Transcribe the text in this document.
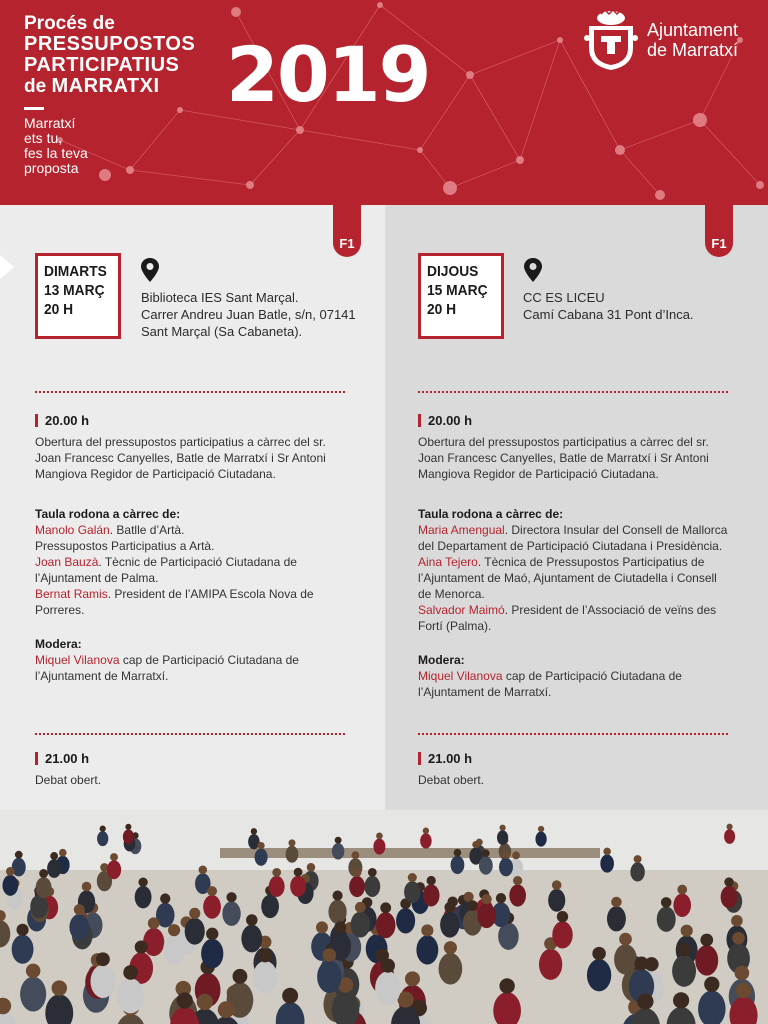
Procés de
PRESSUPOSTOS
PARTICIPATIUS
de MARRATXI
Marratxí
ets tu,
fes la teva
proposta
2019	Ajuntament
de Marratxí
F1
DIMARTS
13 MARÇ
20 H
Biblioteca IES Sant Marçal.
Carrer Andreu Juan Batle, s/n, 07141
Sant Marçal (Sa Cabaneta).
20.00 h
Obertura del pressupostos participatius a càrrec del sr.
Joan Francesc Canyelles, Batle de Marratxí i Sr Antoni
Mangiova Regidor de Participació Ciutadana.
Taula rodona a càrrec de:
Manolo Galán. Batlle d’Artà.
Pressupostos Participatius a Artà.
Joan Bauzà. Tècnic de Participació Ciutadana de
l’Ajuntament de Palma.
Bernat Ramis. President de l’AMIPA Escola Nova de
Porreres.
Modera:
Miquel Vilanova cap de Participació Ciutadana de
l’Ajuntament de Marratxí.
21.00 h
Debat obert.
F1
DIJOUS
15 MARÇ
20 H
CC ES LICEU
Camí Cabana 31 Pont d’Inca.
20.00 h
Obertura del pressupostos participatius a càrrec del sr.
Joan Francesc Canyelles, Batle de Marratxí i Sr Antoni
Mangiova Regidor de Participació Ciutadana.
Taula rodona a càrrec de:
Maria Amengual. Directora Insular del Consell de Mallorca
del Departament de Participació Ciutadana i Presidència.
Aina Tejero. Tècnica de Pressupostos Participatius de
l’Ajuntament de Maó, Ajuntament de Ciutadella i Consell
de Menorca.
Salvador Maimó. President de l’Associació de veïns des
Fortí (Palma).
Modera:
Miquel Vilanova cap de Participació Ciutadana de
l’Ajuntament de Marratxí.
21.00 h
Debat obert.
